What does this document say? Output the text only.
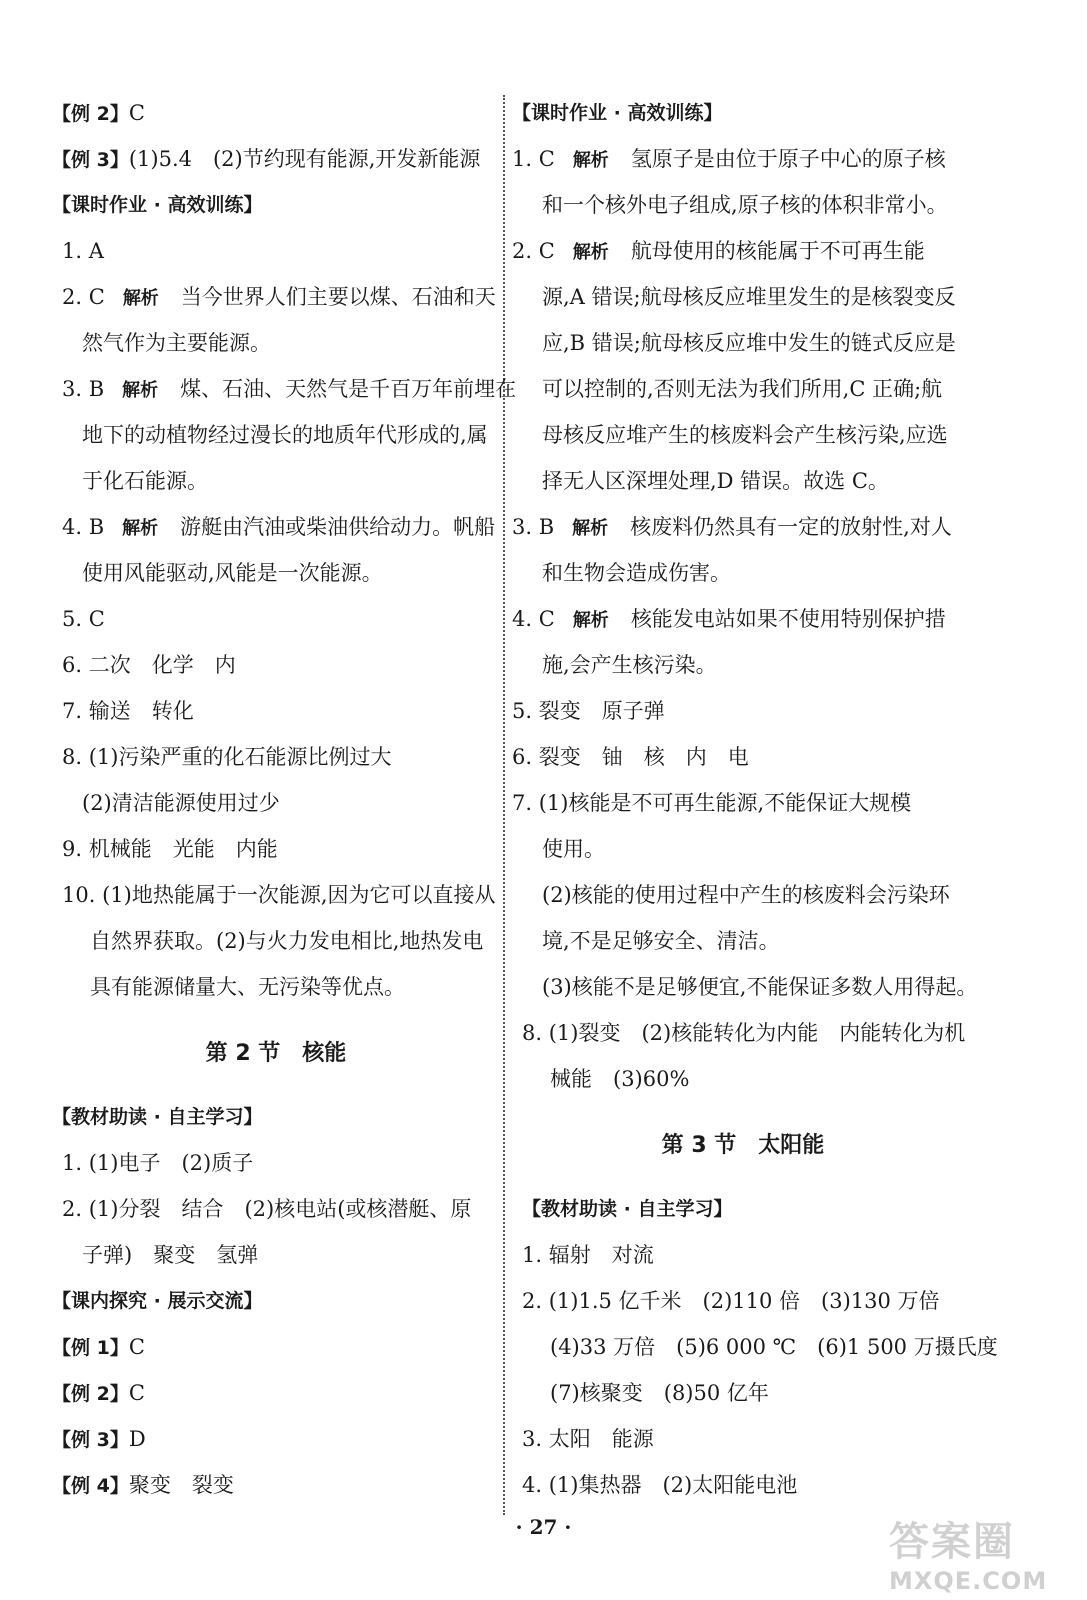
【例 2】C
【例 3】(1)5.4　(2)节约现有能源,开发新能源
【课时作业 · 高效训练】
1. A
2. C 解析 当今世界人们主要以煤、石油和天
然气作为主要能源。
3. B 解析 煤、石油、天然气是千百万年前埋在
地下的动植物经过漫长的地质年代形成的,属
于化石能源。
4. B 解析 游艇由汽油或柴油供给动力。帆船
使用风能驱动,风能是一次能源。
5. C
6. 二次　化学　内
7. 输送　转化
8. (1)污染严重的化石能源比例过大
(2)清洁能源使用过少
9. 机械能　光能　内能
10. (1)地热能属于一次能源,因为它可以直接从
自然界获取。(2)与火力发电相比,地热发电
具有能源储量大、无污染等优点。
第 2 节　核能
【教材助读 · 自主学习】
1. (1)电子　(2)质子
2. (1)分裂　结合　(2)核电站(或核潜艇、原
子弹)　聚变　氢弹
【课内探究 · 展示交流】
【例 1】C
【例 2】C
【例 3】D
【例 4】聚变　裂变
【课时作业 · 高效训练】
1. C 解析 氢原子是由位于原子中心的原子核
和一个核外电子组成,原子核的体积非常小。
2. C 解析 航母使用的核能属于不可再生能
源,A 错误;航母核反应堆里发生的是核裂变反
应,B 错误;航母核反应堆中发生的链式反应是
可以控制的,否则无法为我们所用,C 正确;航
母核反应堆产生的核废料会产生核污染,应选
择无人区深埋处理,D 错误。故选 C。
3. B 解析 核废料仍然具有一定的放射性,对人
和生物会造成伤害。
4. C 解析 核能发电站如果不使用特别保护措
施,会产生核污染。
5. 裂变　原子弹
6. 裂变　铀　核　内　电
7. (1)核能是不可再生能源,不能保证大规模
使用。
(2)核能的使用过程中产生的核废料会污染环
境,不是足够安全、清洁。
(3)核能不是足够便宜,不能保证多数人用得起。
8. (1)裂变　(2)核能转化为内能　内能转化为机
械能　(3)60%
第 3 节　太阳能
【教材助读 · 自主学习】
1. 辐射　对流
2. (1)1.5 亿千米　(2)110 倍　(3)130 万倍
(4)33 万倍　(5)6 000 ℃　(6)1 500 万摄氏度
(7)核聚变　(8)50 亿年
3. 太阳　能源
4. (1)集热器　(2)太阳能电池
· 27 ·	答案圈
MXQE.COM
